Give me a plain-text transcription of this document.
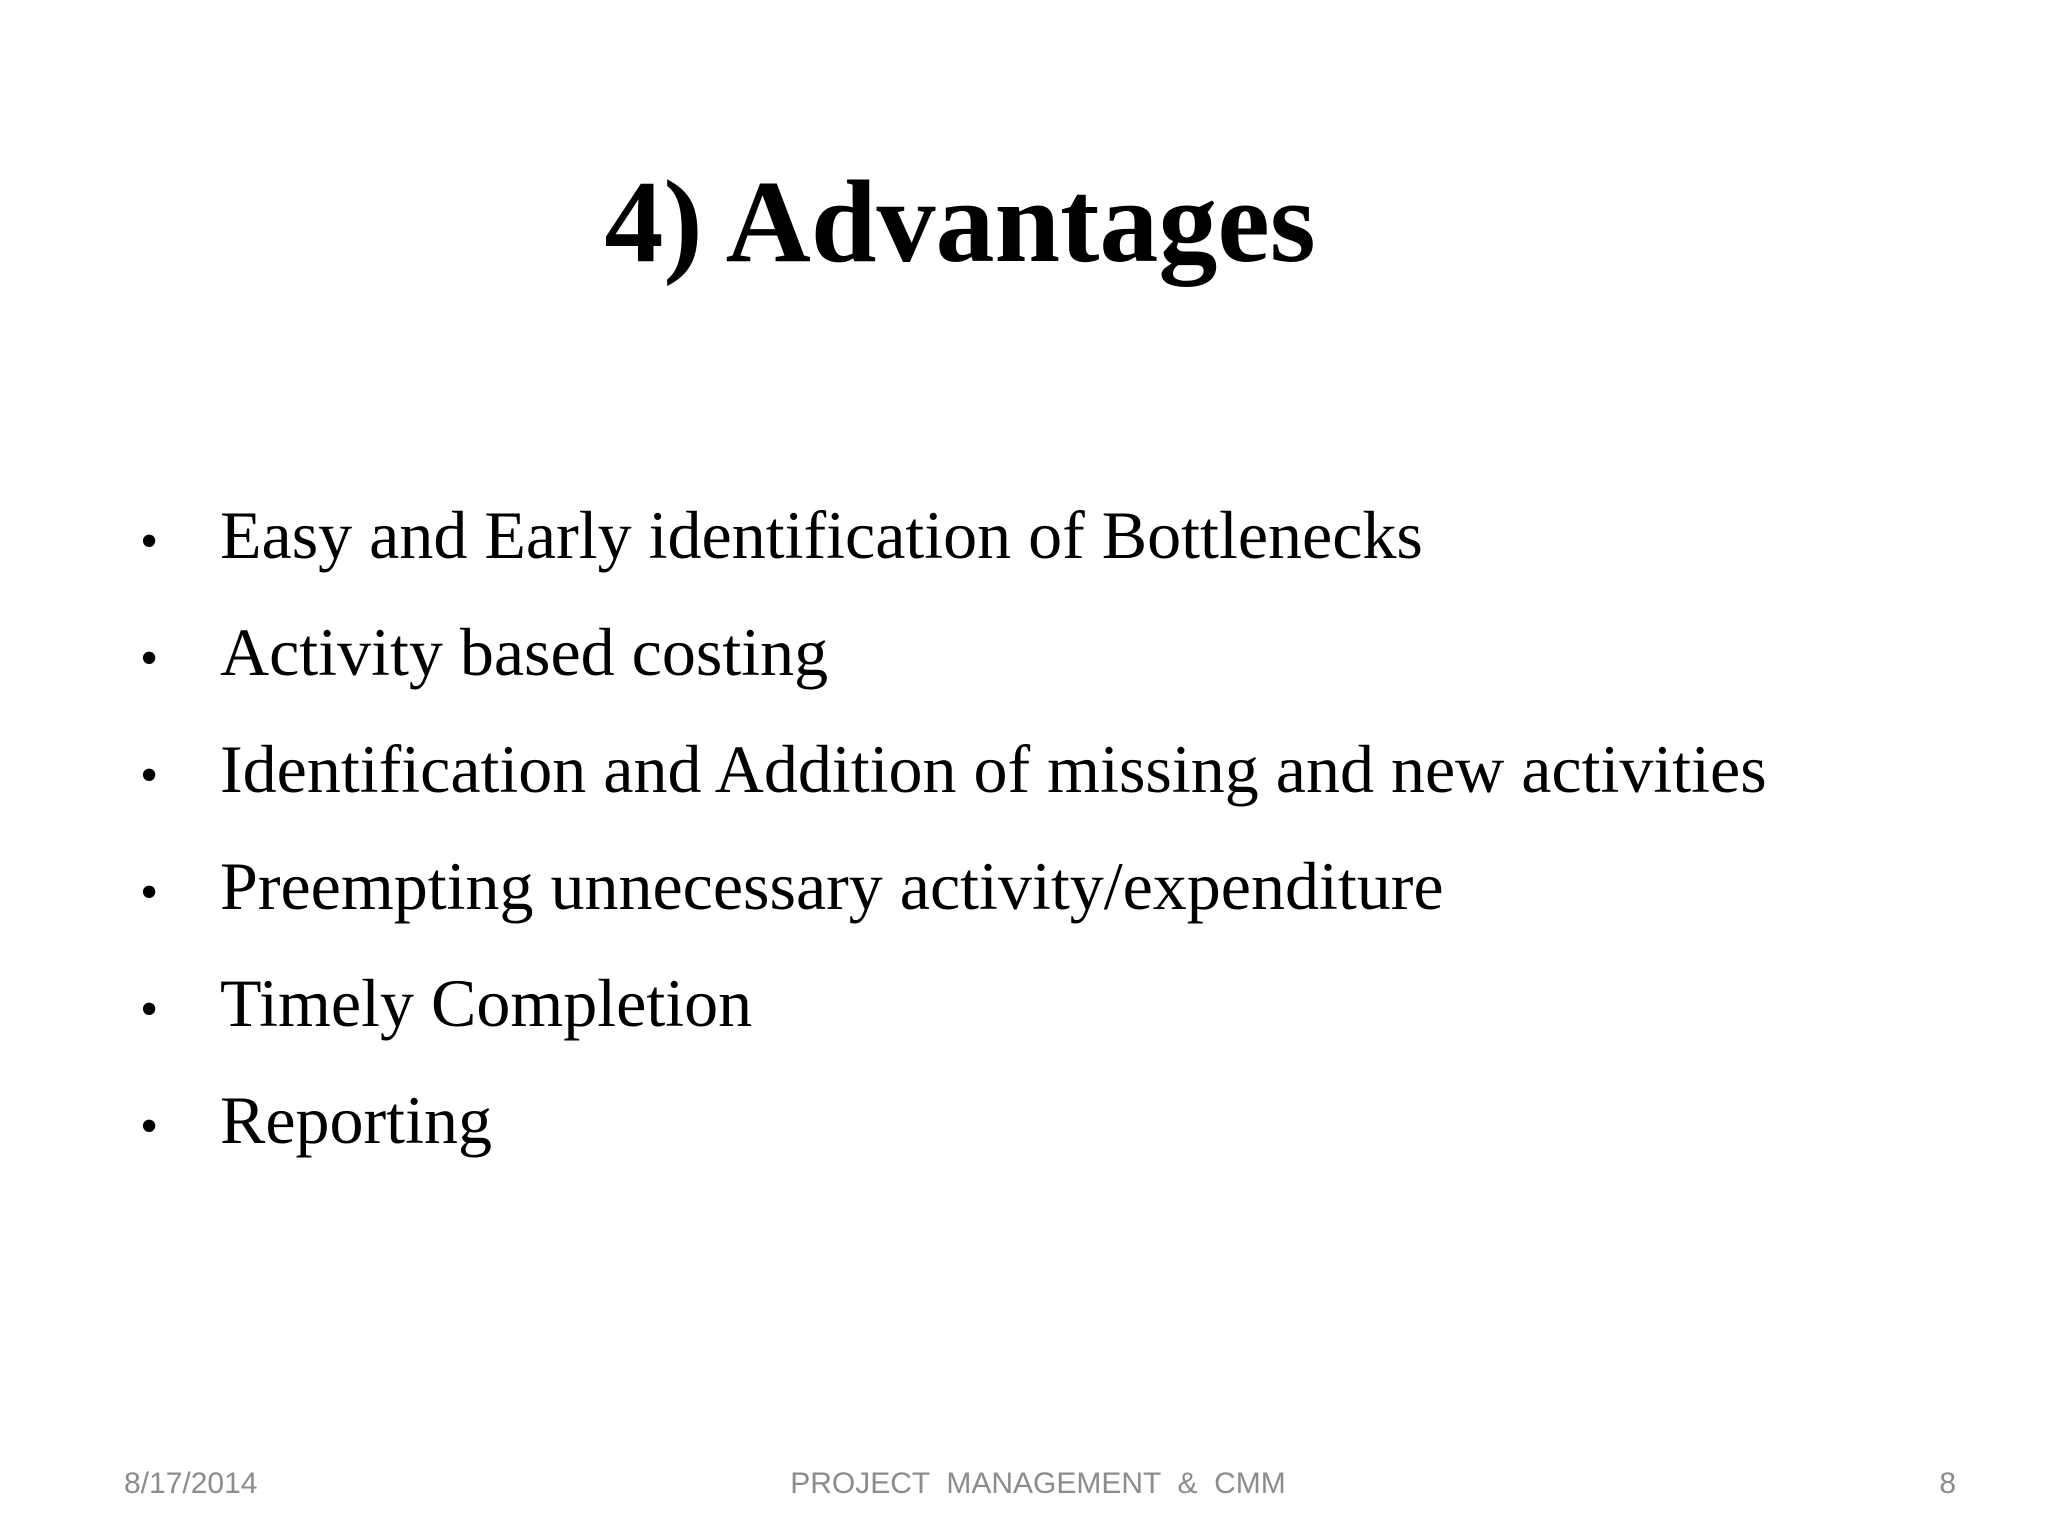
4) Advantages
• Easy and Early identification of Bottlenecks
• Activity based costing
• Identification and Addition of missing and new activities
• Preempting unnecessary activity/expenditure
• Timely Completion
• Reporting
8/17/2014	PROJECT  MANAGEMENT  &  CMM	8
